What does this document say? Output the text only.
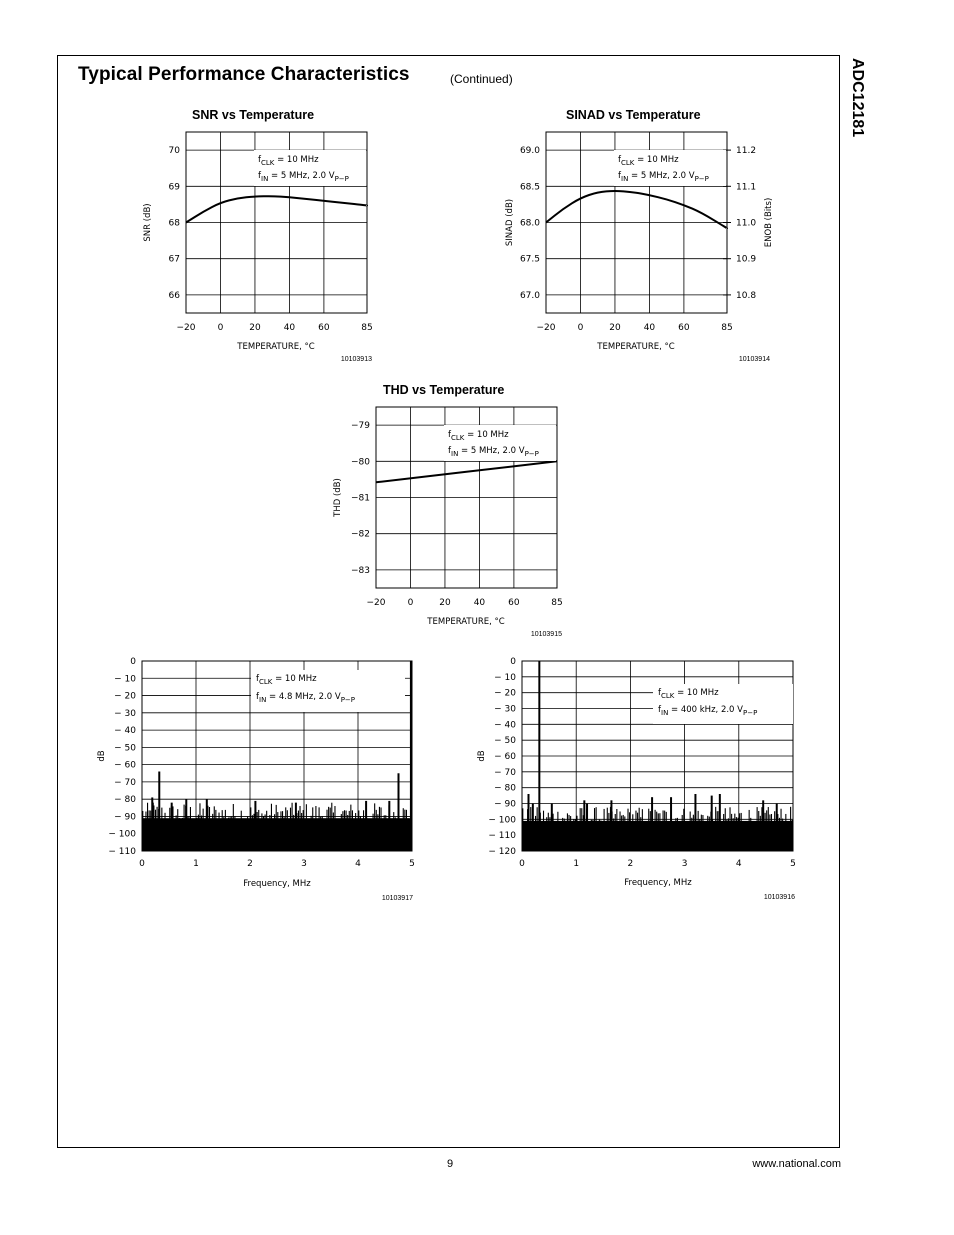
Typical Performance Characteristics	(Continued)	ADC12181
9	www.national.com
SNR vs Temperature
−20 0	20	40	60	85
66
67
68
69
70
TEMPERATURE, °C
SNR (dB)
10103913
$f_{CLK} = 10$ MHz
$f_{IN} = 5$ MHz, 2.0 $V_{P-P}$
SINAD vs Temperature
−20 0	20	40	60	85
67.0
67.5
68.0
68.5
69.0
10.8
10.9
11.0
11.1
11.2
ENOB (Bits)
TEMPERATURE, °C
SINAD (dB)
10103914
$f_{CLK} = 10$ MHz
$f_{IN} = 5$ MHz, 2.0 $V_{P-P}$
THD vs Temperature
−20 0	20	40	60	85
−79
−80
−81
−82
−83
TEMPERATURE, °C
THD (dB)
10103915
$f_{CLK} = 10$ MHz
$f_{IN} = 5$ MHz, 2.0 $V_{P-P}$
0	1	2	3	4	5
0
− 10
− 20
− 30
− 40
− 50
− 60
− 70
− 80
− 90
− 100
− 110
Frequency, MHz
dB
10103917
$f_{CLK} = 10$ MHz
$f_{IN} = 4.8$ MHz, 2.0 $V_{P-P}$
0	1	2	3	4	5
0
− 10
− 20
− 30
− 40
− 50
− 60
− 70
− 80
− 90
− 100
− 110
− 120
Frequency, MHz
dB
10103916
$f_{CLK} = 10$ MHz
$f_{IN} = 400$ kHz, 2.0 $V_{P-P}$
